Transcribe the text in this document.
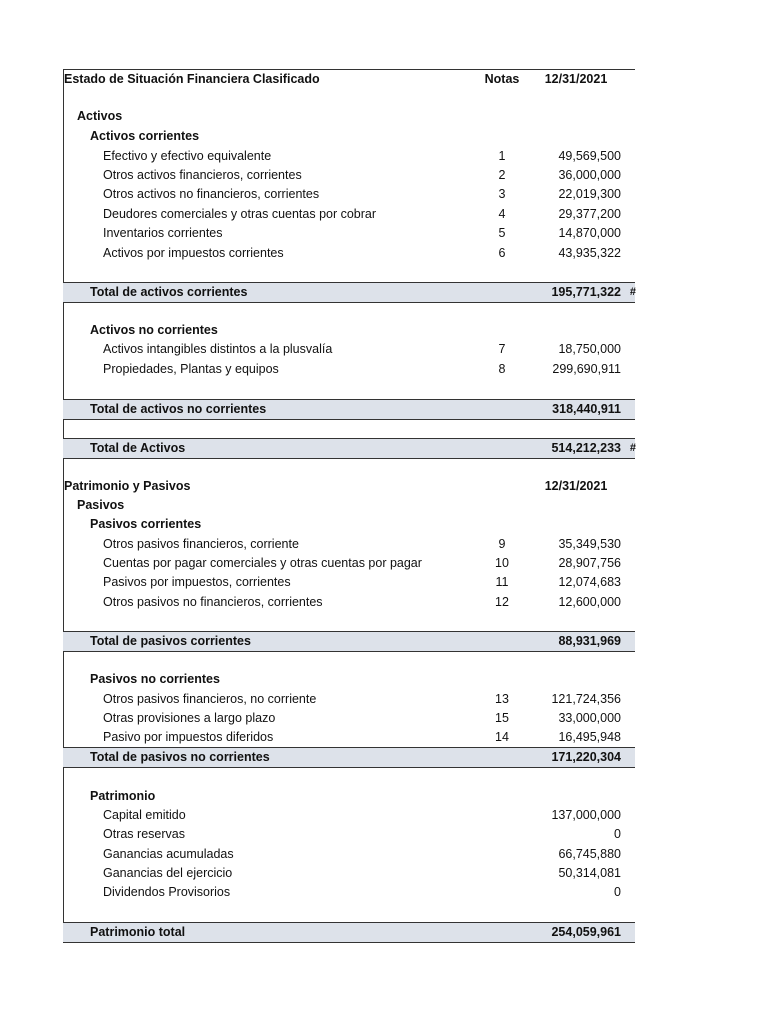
Estado de Situación Financiera Clasificado	Notas	12/31/2021
Activos
Activos corrientes
Efectivo y efectivo equivalente	1	49,569,500
Otros activos financieros, corrientes	2	36,000,000
Otros activos no financieros, corrientes	3	22,019,300
Deudores comerciales y otras cuentas por cobrar	4	29,377,200
Inventarios corrientes	5	14,870,000
Activos por impuestos corrientes	6	43,935,322
Total de activos corrientes	195,771,322 #
Activos no corrientes
Activos intangibles distintos a la plusvalía	7	18,750,000
Propiedades, Plantas y equipos	8	299,690,911
Total de activos no corrientes	318,440,911
Total de Activos	514,212,233 #
Patrimonio y Pasivos	12/31/2021
Pasivos
Pasivos corrientes
Otros pasivos financieros, corriente	9	35,349,530
Cuentas por pagar comerciales y otras cuentas por pagar	10	28,907,756
Pasivos por impuestos, corrientes	11	12,074,683
Otros pasivos no financieros, corrientes	12	12,600,000
Total de pasivos corrientes	88,931,969
Pasivos no corrientes
Otros pasivos financieros, no corriente	13	121,724,356
Otras provisiones a largo plazo	15	33,000,000
Pasivo por impuestos diferidos	14	16,495,948
Total de pasivos no corrientes	171,220,304
Patrimonio
Capital emitido	137,000,000
Otras reservas	0
Ganancias acumuladas	66,745,880
Ganancias del ejercicio	50,314,081
Dividendos Provisorios	0
Patrimonio total	254,059,961
